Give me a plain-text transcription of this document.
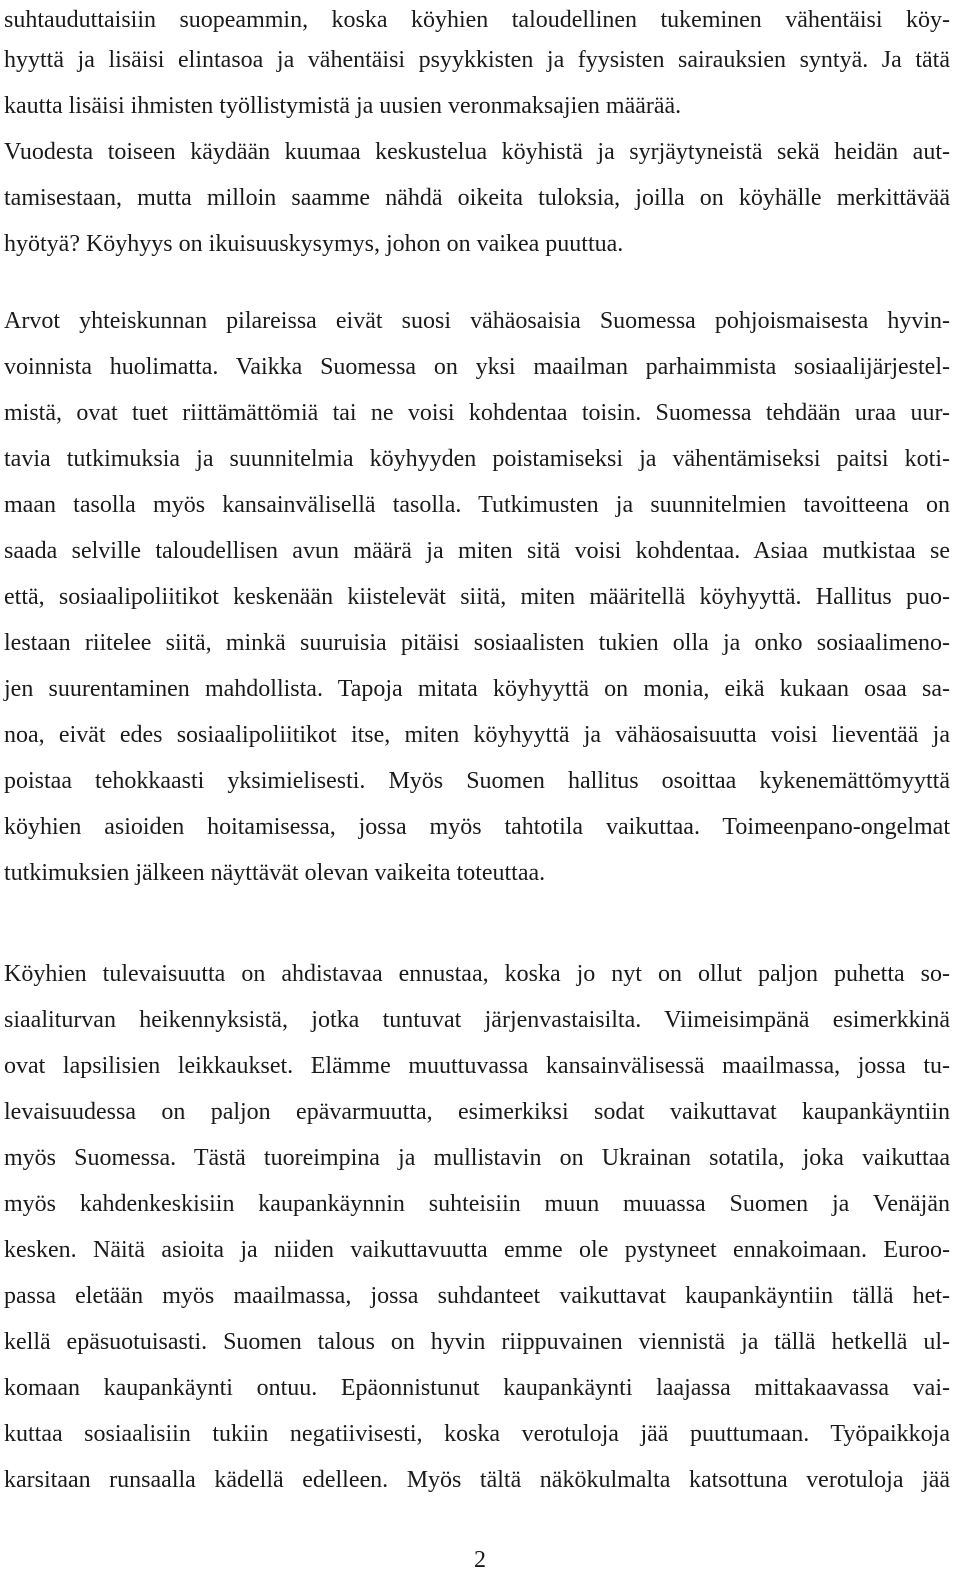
suhtauduttaisiin suopeammin, koska köyhien taloudellinen tukeminen vähentäisi köy-
hyyttä ja lisäisi elintasoa ja vähentäisi psyykkisten ja fyysisten sairauksien syntyä. Ja tätä
kautta lisäisi ihmisten työllistymistä ja uusien veronmaksajien määrää.
Vuodesta toiseen käydään kuumaa keskustelua köyhistä ja syrjäytyneistä sekä heidän aut-
tamisestaan, mutta milloin saamme nähdä oikeita tuloksia, joilla on köyhälle merkittävää
hyötyä? Köyhyys on ikuisuuskysymys, johon on vaikea puuttua.
Arvot yhteiskunnan pilareissa eivät suosi vähäosaisia Suomessa pohjoismaisesta hyvin-
voinnista huolimatta. Vaikka Suomessa on yksi maailman parhaimmista sosiaalijärjestel-
mistä, ovat tuet riittämättömiä tai ne voisi kohdentaa toisin. Suomessa tehdään uraa uur-
tavia tutkimuksia ja suunnitelmia köyhyyden poistamiseksi ja vähentämiseksi paitsi koti-
maan tasolla myös kansainvälisellä tasolla. Tutkimusten ja suunnitelmien tavoitteena on
saada selville taloudellisen avun määrä ja miten sitä voisi kohdentaa. Asiaa mutkistaa se
että, sosiaalipoliitikot keskenään kiistelevät siitä, miten määritellä köyhyyttä. Hallitus puo-
lestaan riitelee siitä, minkä suuruisia pitäisi sosiaalisten tukien olla ja onko sosiaalimeno-
jen suurentaminen mahdollista. Tapoja mitata köyhyyttä on monia, eikä kukaan osaa sa-
noa, eivät edes sosiaalipoliitikot itse, miten köyhyyttä ja vähäosaisuutta voisi lieventää ja
poistaa tehokkaasti yksimielisesti. Myös Suomen hallitus osoittaa kykenemättömyyttä
köyhien asioiden hoitamisessa, jossa myös tahtotila vaikuttaa. Toimeenpano-ongelmat
tutkimuksien jälkeen näyttävät olevan vaikeita toteuttaa.
Köyhien tulevaisuutta on ahdistavaa ennustaa, koska jo nyt on ollut paljon puhetta so-
siaaliturvan heikennyksistä, jotka tuntuvat järjenvastaisilta. Viimeisimpänä esimerkkinä
ovat lapsilisien leikkaukset. Elämme muuttuvassa kansainvälisessä maailmassa, jossa tu-
levaisuudessa on paljon epävarmuutta, esimerkiksi sodat vaikuttavat kaupankäyntiin
myös Suomessa. Tästä tuoreimpina ja mullistavin on Ukrainan sotatila, joka vaikuttaa
myös kahdenkeskisiin kaupankäynnin suhteisiin muun muuassa Suomen ja Venäjän
kesken. Näitä asioita ja niiden vaikuttavuutta emme ole pystyneet ennakoimaan. Euroo-
passa eletään myös maailmassa, jossa suhdanteet vaikuttavat kaupankäyntiin tällä het-
kellä epäsuotuisasti. Suomen talous on hyvin riippuvainen viennistä ja tällä hetkellä ul-
komaan kaupankäynti ontuu. Epäonnistunut kaupankäynti laajassa mittakaavassa vai-
kuttaa sosiaalisiin tukiin negatiivisesti, koska verotuloja jää puuttumaan. Työpaikkoja
karsitaan runsaalla kädellä edelleen. Myös tältä näkökulmalta katsottuna verotuloja jää
2
